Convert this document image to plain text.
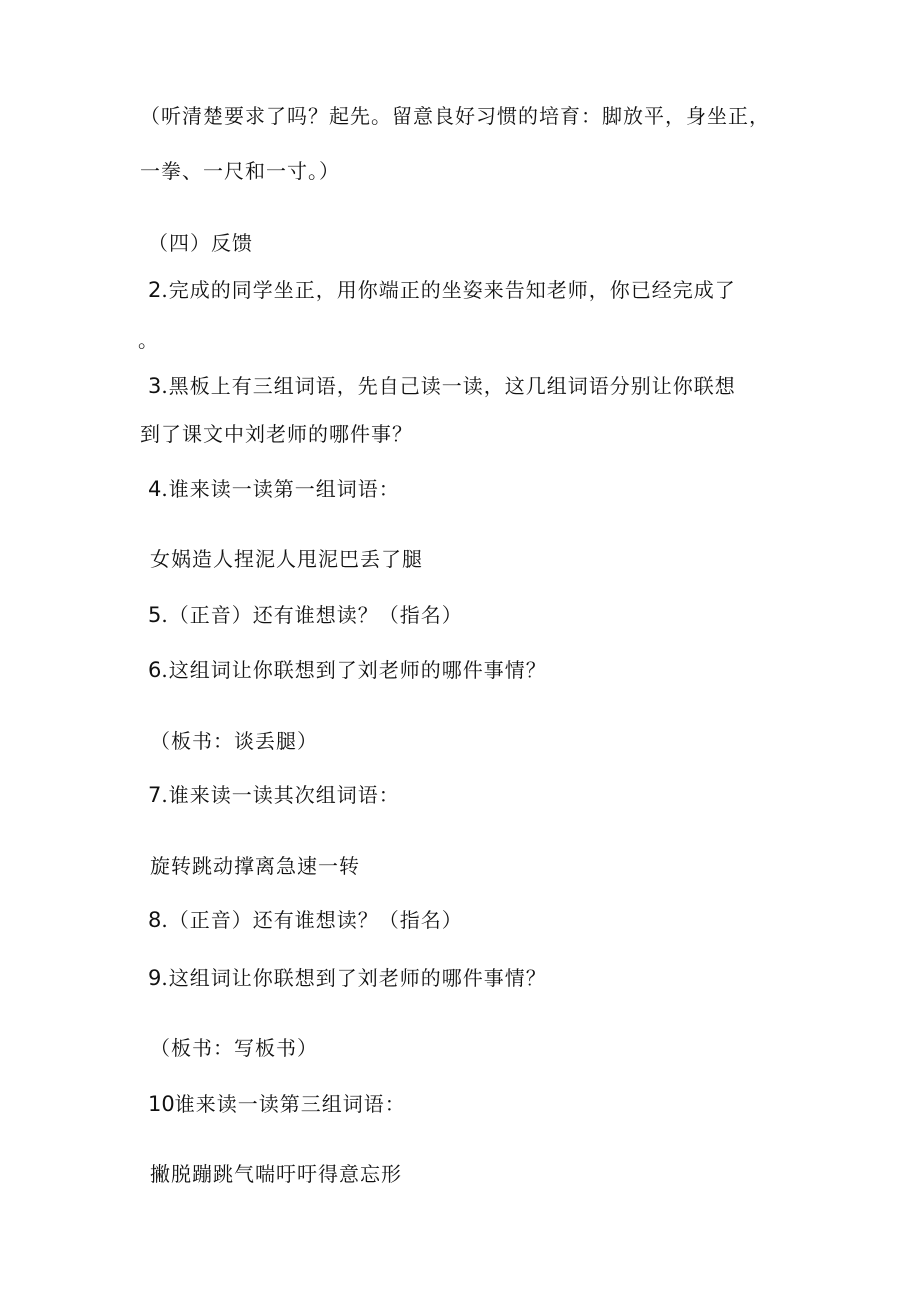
（听清楚要求了吗？起先。留意良好习惯的培育：脚放平，身坐正，
一拳、一尺和一寸。）
（四）反馈
2.完成的同学坐正，用你端正的坐姿来告知老师，你已经完成了
。
3.黑板上有三组词语，先自己读一读，这几组词语分别让你联想
到了课文中刘老师的哪件事？
4.谁来读一读第一组词语：
女娲造人捏泥人甩泥巴丢了腿
5.（正音）还有谁想读？（指名）
6.这组词让你联想到了刘老师的哪件事情？
（板书：谈丢腿）
7.谁来读一读其次组词语：
旋转跳动撑离急速一转
8.（正音）还有谁想读？（指名）
9.这组词让你联想到了刘老师的哪件事情？
（板书：写板书）
10谁来读一读第三组词语：
撇脱蹦跳气喘吁吁得意忘形
